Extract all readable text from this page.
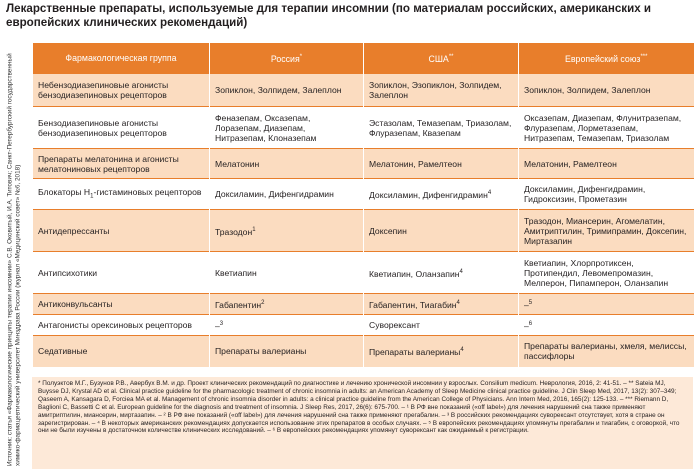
Лекарственные препараты, используемые для терапии инсомнии (по материалам российских, американских и европейских клинических рекомендаций)
Источник: статья «Фармакологические принципы терапии инсомнии» С.В. Оковитый, И.А. Титович; Санкт-Петербургский государственный химико-фармацевтический университет Минздрава России (журнал «Медицинский совет» №6, 2018)
Фармакологическая группа	Россия*	США**	Европейский союз***
Небензодиазепиновые агонисты бензодиазепиновых рецепторов	Зопиклон, Золпидем, Залеплон	Зопиклон, Эзопиклон, Золпидем, Залеплон	Зопиклон, Золпидем, Залеплон
Бензодиазепиновые агонисты бензодиазепиновых рецепторов	Феназепам, Оксазепам, Лоразепам, Диазепам, Нитразепам, Клоназепам	Эстазолам, Темазепам, Триазолам, Флуразепам, Квазепам	Оксазепам, Диазепам, Флунитразепам, Флуразепам, Лорметазепам, Нитразепам, Темазепам, Триазолам
Препараты мелатонина и агонисты мелатониновых рецепторов	Мелатонин	Мелатонин, Рамелтеон	Мелатонин, Рамелтеон
Блокаторы $Н_1$-гистаминовых рецепторов	Доксиламин, Дифенгидрамин	Доксиламин, Дифенгидрамин$^4$	Доксиламин, Дифенгидрамин, Гидроксизин, Прометазин
Антидепрессанты	Тразодон$^1$	Доксепин	Тразодон, Миансерин, Агомелатин, Амитриптилин, Тримипрамин, Доксепин, Миртазапин
Антипсихотики	Кветиапин	Кветиапин, Оланзапин$^4$	Кветиапин, Хлорпротиксен, Протипендил, Левомепромазин, Мелперон, Пипамперон, Оланзапин
Антиконвульсанты	Габапентин$^2$	Габапентин, Тиагабин$^4$	–$^5$
Антагонисты орексиновых рецепторов	–$^3$	Суворексант	–$^6$
Седативные	Препараты валерианы	Препараты валерианы$^4$	Препараты валерианы, хмеля, мелиссы, пассифлоры
* Полуэктов М.Г., Бузунов Р.В., Авербух В.М. и др. Проект клинических рекомендаций по диагностике и лечению хронической инсомнии у взрослых. Consilium medicum. Неврология, 2016, 2: 41-51. – ** Sateia MJ, Buysse DJ, Krystal AD et al. Clinical practice guideline for the pharmacologic treatment of chronic insomnia in adults: an American Academy of Sleep Medicine clinical practice guideline. J Clin Sleep Med, 2017, 13(2): 307–349; Qaseem A, Kansagara D, Forciea MA et al. Management of chronic insomnia disorder in adults: a clinical practice guideline from the American College of Physicians. Ann Intern Med, 2016, 165(2): 125-133. – *** Riemann D, Baglioni C, Bassetti C et al. European guideline for the diagnosis and treatment of insomnia. J Sleep Res, 2017, 26(6): 675-700. – ¹ В РФ вне показаний («off label») для лечения нарушений сна также применяют амитриптилин, миансерин, миртазапин. – ² В РФ вне показаний («off label») для лечения нарушений сна также применяют прегабалин. – ³ В российских рекомендациях суворексант отсутствует, хотя в стране он зарегистрирован. – ⁴ В некоторых американских рекомендациях допускается использование этих препаратов в особых случаях. – ⁵ В европейских рекомендациях упомянуты прегабалин и тиагабин, с оговоркой, что они не были изучены в достаточном количестве клинических исследований. – ⁶ В европейских рекомендациях упомянут суворексант как ожидаемый к регистрации.
